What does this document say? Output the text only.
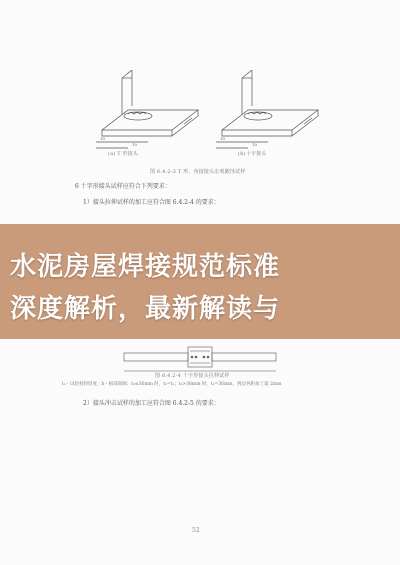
10
10
10
10
(a) T 形接头
图 6.4.2-3 T 形、角接接头宏观酸蚀试样
(b)十字接头
6 十字形接头试样应符合下列要求：
1）接头拉伸试样的加工应符合图 6.4.2-4 的要求：
水泥房屋焊接规范标准
深度解析，最新解读与
图 6.4.2-4 十字形接头拉伸试样
t₁ - 试验材料厚度；b - 根部间隙；t₂≤36mm 时，t₂=t₁；t₂>36mm 时，t₂=36mm，两边各距加工量 2mm
2）接头冲击试样的加工应符合图 6.4.2-5 的要求：
52
